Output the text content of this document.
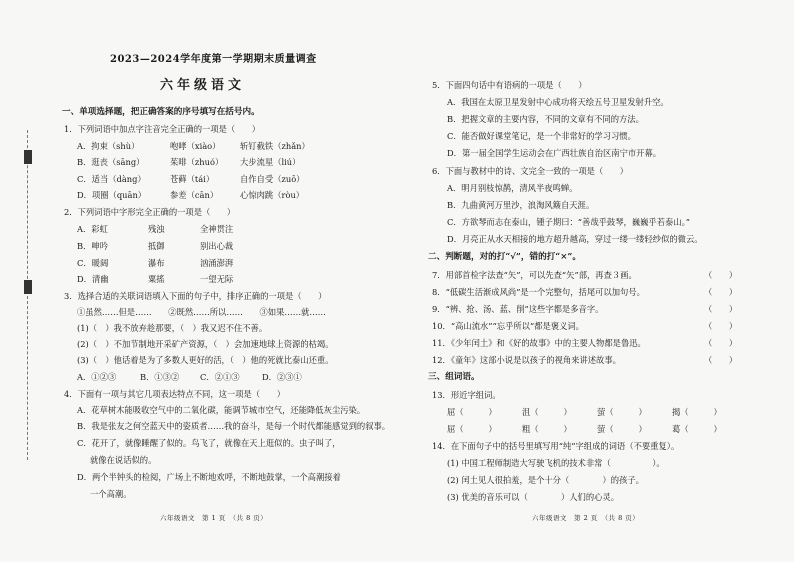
2023—2024学年度第一学期期末质量调查
六年级语文
一、单项选择题，把正确答案的序号填写在括号内。
1．下列词语中加点字注音完全正确的一项是（　　）
A．拘束（shù）	咆哮（xiào） 斩钉截铁（zhǎn）
B．逛丧（sāng）	茱啡（zhuó） 大步流星（liú）
C．适当（dàng）	苍藓（tái）	自作自受（zuō）
D．项圈（quān）	参差（cān）	心惊肉跳（ròu）
2．下列词语中字形完全正确的一项是（　　）
A．彩虹	残浊	全神贯注
B．呻吟	抵御	别出心裁
C．暖阔	瀑布	汹涌澎湃
D．清幽	粟搖	一望无际
3．选择合适的关联词语填入下面的句子中，排序正确的一项是（　　）
①虽然……但是……　　②既然……所以……　　③如果……就……
(1)（　）我不放弃趁那要，（　）我又迟不住不善。
(2)（　）不加节制地开采矿产资源，（　）会加速地球上资源的枯竭。
(3)（　）他话着是为了多数人更好的活，（　）他的死就比泰山还重。
A．①②③	B．①③② C．②①③	D．②③①
4．下面有一项与其它几项表达特点不同，这一项是（　　）
A．花草树木能吸收空气中的二氧化碳，能调节城市空气，还能降低灰尘污染。
B．我是张友之何空蓝天中的姿质者……我的奋斗，是每一个时代都能感觉到的叙事。
C．花开了，就像睡醒了似的。鸟飞了，就像在天上逛似的。虫子叫了，
就像在说话似的。
D．两个半钟头的检阅，广场上不断地欢呼，不断地鼓掌，一个高潮接着
一个高潮。
六年级语文　第 1 页　（共 8 页）
5．下面四句话中有语病的一项是（　　）
A．我国在太原卫星发射中心成功将天绘五号卫星发射升空。
B．把握文章的主要内容，不同的文章有不同的方法。
C．能否做好课堂笔记，是一个非常好的学习习惯。
D．第一届全国学生运动会在广西壮族自治区南宁市开幕。
6．下面与教材中的诗、文完全一致的一项是（　　）
A．明月别枝惊鹊，清风半夜鸣蝉。
B．九曲黄河万里沙，浪淘风簸自天涯。
C．方欲琴而志在泰山，锺子期曰：“善哉乎鼓琴，巍巍乎若泰山。”
D．月亮正从水天相接的地方超升越高，穿过一缕一缕轻纱似的微云。
二、判断题，对的打“√”，错的打“×”。
7．用部首检字法查“矢”，可以先查“矢”部，再查３画。	（　　）
8．“低碳生活渐成风尚”是一个完整句，括尾可以加句号。	（　　）
9．“辨、抢、汤、蓝、削”这些字都是多音字。	（　　）
10．“高山流水”“忘乎所以”都是褒义词。	（　　）
11．《少年闰土》和《好的故事》中的主要人物都是鲁迅。	（　　）
12．《童年》这部小说是以孩子的视角来讲述故事。	（　　）
三、组词语。
13．形近字组词。
屈（　　　）	沮（　　　）	萤（　　　）	揭（　　　）
屈（　　　）	粗（　　　）	萤（　　　）	葛（　　　）
14．在下面句子中的括号里填写用“纯”字组成的词语（不要重复）。
(1) 中国工程师制造大写驶飞机的技术非常（　　　　　）。
(2) 闰土见人很拍羞，是个十分（　　　　）的孩子。
(3) 优美的音乐可以（　　　　）人们的心灵。
六年级语文　第 2 页　（共 8 页）
